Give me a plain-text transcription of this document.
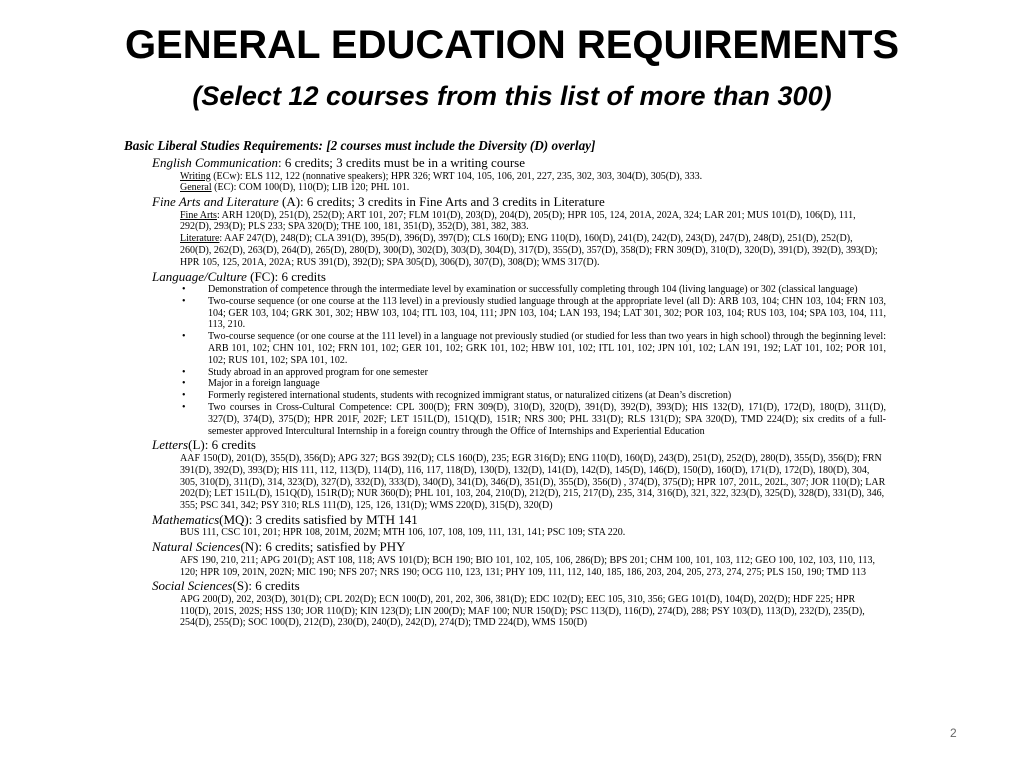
GENERAL EDUCATION REQUIREMENTS
(Select 12 courses from this list of more than 300)
Basic Liberal Studies Requirements: [2 courses must include the Diversity (D) overlay]
English Communication: 6 credits; 3 credits must be in a writing course
Writing (ECw): ELS 112, 122 (nonnative speakers); HPR 326; WRT 104, 105, 106, 201, 227, 235, 302, 303, 304(D), 305(D), 333.
General (EC): COM 100(D), 110(D); LIB 120; PHL 101.
Fine Arts and Literature (A): 6 credits; 3 credits in Fine Arts and 3 credits in Literature
Fine Arts: ARH 120(D), 251(D), 252(D); ART 101, 207; FLM 101(D), 203(D), 204(D), 205(D); HPR 105, 124, 201A, 202A, 324; LAR 201; MUS 101(D), 106(D), 111, 292(D), 293(D); PLS 233; SPA 320(D); THE 100, 181, 351(D), 352(D), 381, 382, 383.
Literature: AAF 247(D), 248(D); CLA 391(D), 395(D), 396(D), 397(D); CLS 160(D); ENG 110(D), 160(D), 241(D), 242(D), 243(D), 247(D), 248(D), 251(D), 252(D), 260(D), 262(D), 263(D), 264(D), 265(D), 280(D), 300(D), 302(D), 303(D), 304(D), 317(D), 355(D), 357(D), 358(D); FRN 309(D), 310(D), 320(D), 391(D), 392(D), 393(D); HPR 105, 125, 201A, 202A; RUS 391(D), 392(D); SPA 305(D), 306(D), 307(D), 308(D); WMS 317(D).
Language/Culture (FC): 6 credits
• Demonstration of competence through the intermediate level by examination or successfully completing through 104 (living language) or 302 (classical language)
• Two-course sequence (or one course at the 113 level) in a previously studied language through at the appropriate level (all D): ARB 103, 104; CHN 103, 104; FRN 103, 104; GER 103, 104; GRK 301, 302; HBW 103, 104; ITL 103, 104, 111; JPN 103, 104; LAN 193, 194; LAT 301, 302; POR 103, 104; RUS 103, 104; SPA 103, 104, 111, 113, 210.
• Two-course sequence (or one course at the 111 level) in a language not previously studied (or studied for less than two years in high school) through the beginning level: ARB 101, 102; CHN 101, 102; FRN 101, 102; GER 101, 102; GRK 101, 102; HBW 101, 102; ITL 101, 102; JPN 101, 102; LAN 191, 192; LAT 101, 102; POR 101, 102; RUS 101, 102; SPA 101, 102.
• Study abroad in an approved program for one semester
• Major in a foreign language
• Formerly registered international students, students with recognized immigrant status, or naturalized citizens (at Dean’s discretion)
• Two courses in Cross-Cultural Competence: CPL 300(D); FRN 309(D), 310(D), 320(D), 391(D), 392(D), 393(D); HIS 132(D), 171(D), 172(D), 180(D), 311(D), 327(D), 374(D), 375(D); HPR 201F, 202F; LET 151L(D), 151Q(D), 151R; NRS 300; PHL 331(D); RLS 131(D); SPA 320(D), TMD 224(D); six credits of a full-semester approved Intercultural Internship in a foreign country through the Office of Internships and Experiential Education
Letters(L): 6 credits
AAF 150(D), 201(D), 355(D), 356(D); APG 327; BGS 392(D); CLS 160(D), 235; EGR 316(D); ENG 110(D), 160(D), 243(D), 251(D), 252(D), 280(D), 355(D), 356(D); FRN 391(D), 392(D), 393(D); HIS 111, 112, 113(D), 114(D), 116, 117, 118(D), 130(D), 132(D), 141(D), 142(D), 145(D), 146(D), 150(D), 160(D), 171(D), 172(D), 180(D), 304, 305, 310(D), 311(D), 314, 323(D), 327(D), 332(D), 333(D), 340(D), 341(D), 346(D), 351(D), 355(D), 356(D) , 374(D), 375(D); HPR 107, 201L, 202L, 307; JOR 110(D); LAR 202(D); LET 151L(D), 151Q(D), 151R(D); NUR 360(D); PHL 101, 103, 204, 210(D), 212(D), 215, 217(D), 235, 314, 316(D), 321, 322, 323(D), 325(D), 328(D), 331(D), 346, 355; PSC 341, 342; PSY 310; RLS 111(D), 125, 126, 131(D); WMS 220(D), 315(D), 320(D)
Mathematics(MQ): 3 credits satisfied by MTH 141
BUS 111, CSC 101, 201; HPR 108, 201M, 202M; MTH 106, 107, 108, 109, 111, 131, 141; PSC 109; STA 220.
Natural Sciences(N): 6 credits; satisfied by PHY
AFS 190, 210, 211; APG 201(D); AST 108, 118; AVS 101(D); BCH 190; BIO 101, 102, 105, 106, 286(D); BPS 201; CHM 100, 101, 103, 112; GEO 100, 102, 103, 110, 113, 120; HPR 109, 201N, 202N; MIC 190; NFS 207; NRS 190; OCG 110, 123, 131; PHY 109, 111, 112, 140, 185, 186, 203, 204, 205, 273, 274, 275; PLS 150, 190; TMD 113
Social Sciences(S): 6 credits
APG 200(D), 202, 203(D), 301(D); CPL 202(D); ECN 100(D), 201, 202, 306, 381(D); EDC 102(D); EEC 105, 310, 356; GEG 101(D), 104(D), 202(D); HDF 225; HPR 110(D), 201S, 202S; HSS 130; JOR 110(D); KIN 123(D); LIN 200(D); MAF 100; NUR 150(D); PSC 113(D), 116(D), 274(D), 288; PSY 103(D), 113(D), 232(D), 235(D), 254(D), 255(D); SOC 100(D), 212(D), 230(D), 240(D), 242(D), 274(D); TMD 224(D), WMS 150(D)
2
